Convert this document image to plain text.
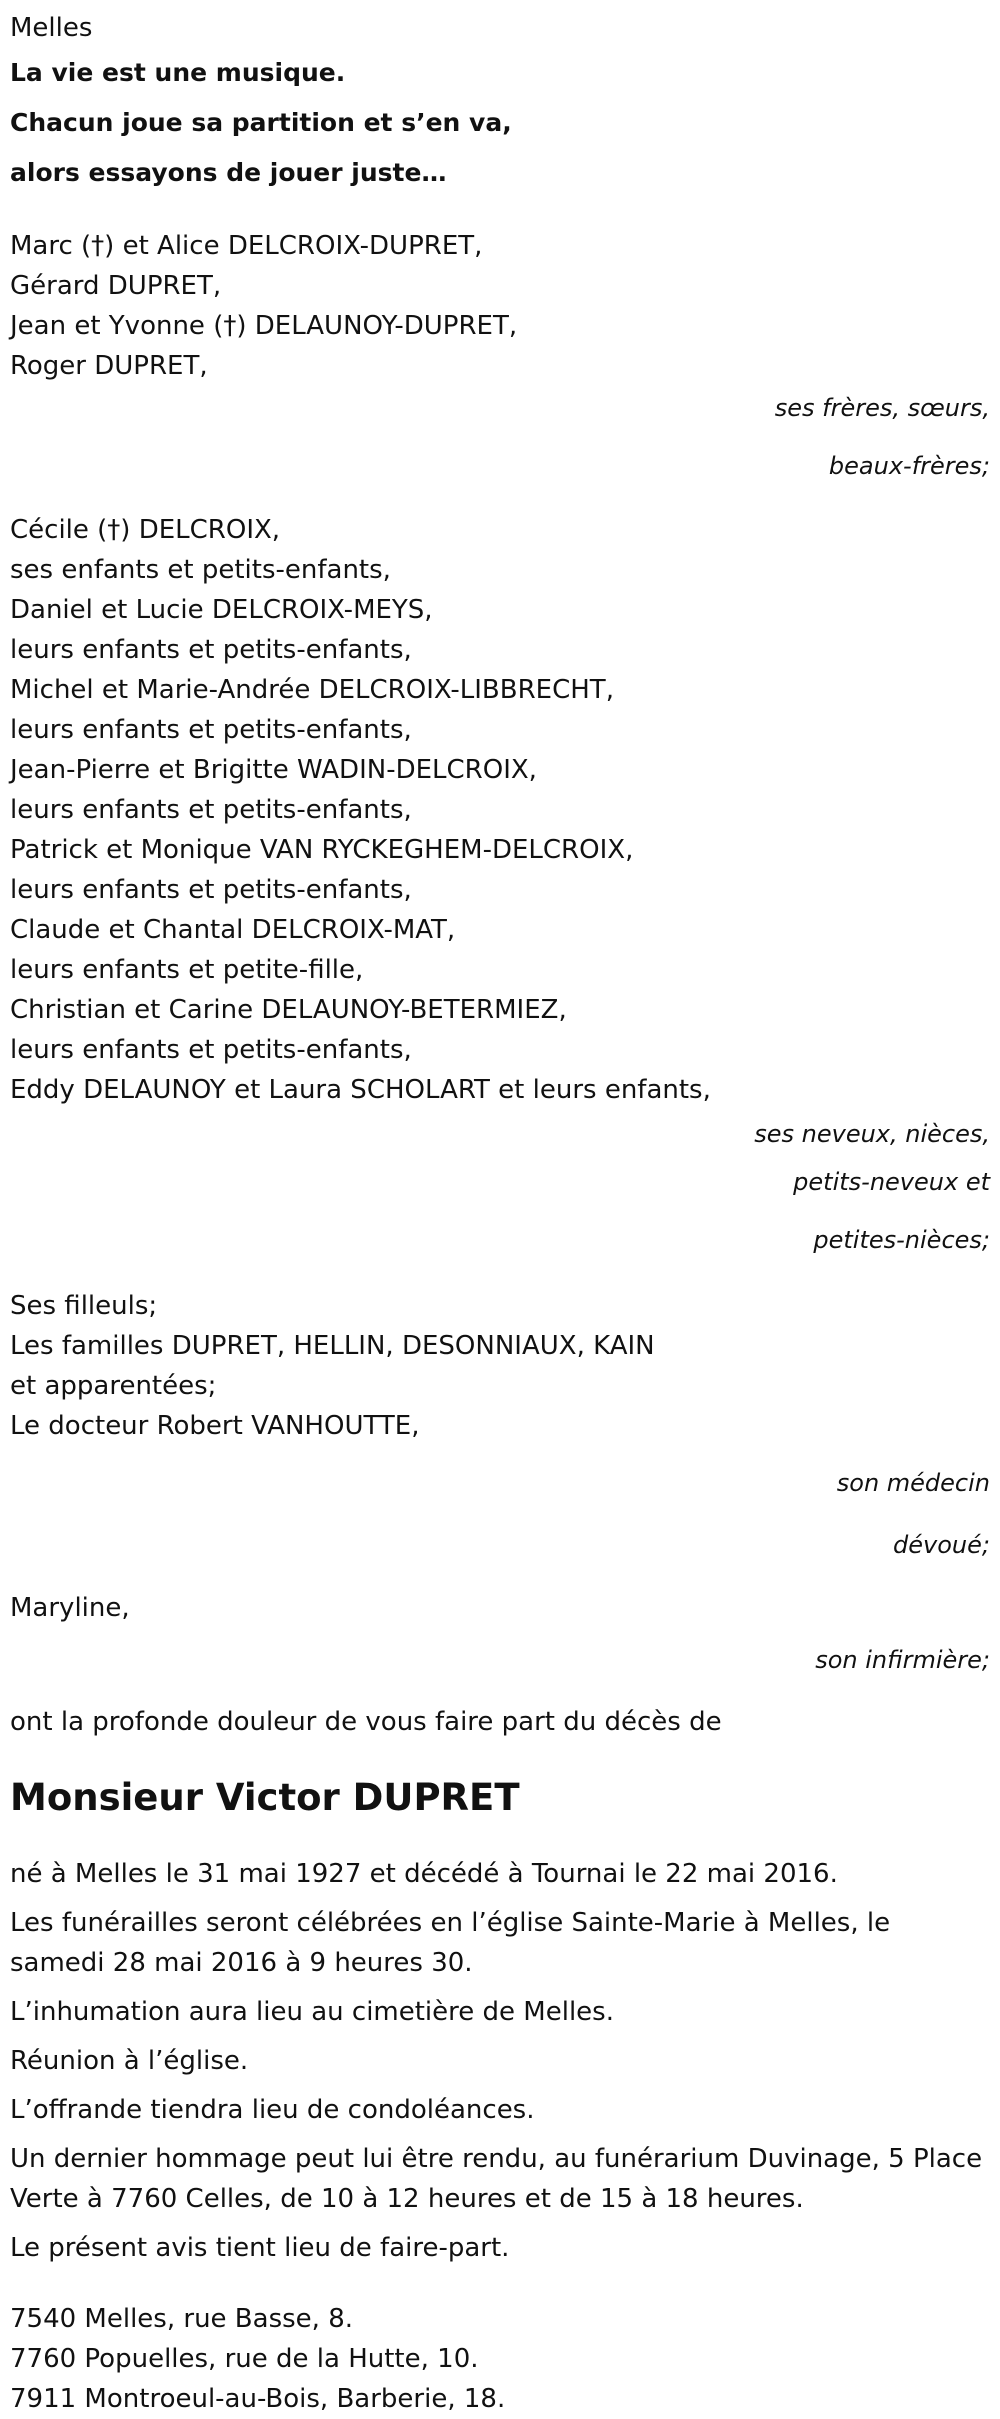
Melles

La vie est une musique.

Chacun joue sa partition et s’en va,

alors essayons de jouer juste…

Marc (†) et Alice DELCROIX-DUPRET,

Gérard DUPRET,

Jean et Yvonne (†) DELAUNOY-DUPRET,

Roger DUPRET,

ses frères, sœurs,

beaux-frères;

Cécile (†) DELCROIX,

ses enfants et petits-enfants,

Daniel et Lucie DELCROIX-MEYS,

leurs enfants et petits-enfants,

Michel et Marie-Andrée DELCROIX-LIBBRECHT,

leurs enfants et petits-enfants,

Jean-Pierre et Brigitte WADIN-DELCROIX,

leurs enfants et petits-enfants,

Patrick et Monique VAN RYCKEGHEM-DELCROIX,

leurs enfants et petits-enfants,

Claude et Chantal DELCROIX-MAT,

leurs enfants et petite-fille,

Christian et Carine DELAUNOY-BETERMIEZ,

leurs enfants et petits-enfants,

Eddy DELAUNOY et Laura SCHOLART et leurs enfants,

ses neveux, nièces,

petits-neveux et

petites-nièces;

Ses filleuls;

Les familles DUPRET, HELLIN, DESONNIAUX, KAIN

et apparentées;

Le docteur Robert VANHOUTTE,

son médecin

dévoué;

Maryline,

son infirmière;

ont la profonde douleur de vous faire part du décès de

Monsieur Victor DUPRET

né à Melles le 31 mai 1927 et décédé à Tournai le 22 mai 2016.

Les funérailles seront célébrées en l’église Sainte-Marie à Melles, le samedi 28 mai 2016 à 9 heures 30.

L’inhumation aura lieu au cimetière de Melles.

Réunion à l’église.

L’offrande tiendra lieu de condoléances.

Un dernier hommage peut lui être rendu, au funérarium Duvinage, 5 Place Verte à 7760 Celles, de 10 à 12 heures et de 15 à 18 heures.

Le présent avis tient lieu de faire-part.

7540 Melles, rue Basse, 8.

7760 Popuelles, rue de la Hutte, 10.

7911 Montroeul-au-Bois, Barberie, 18.
